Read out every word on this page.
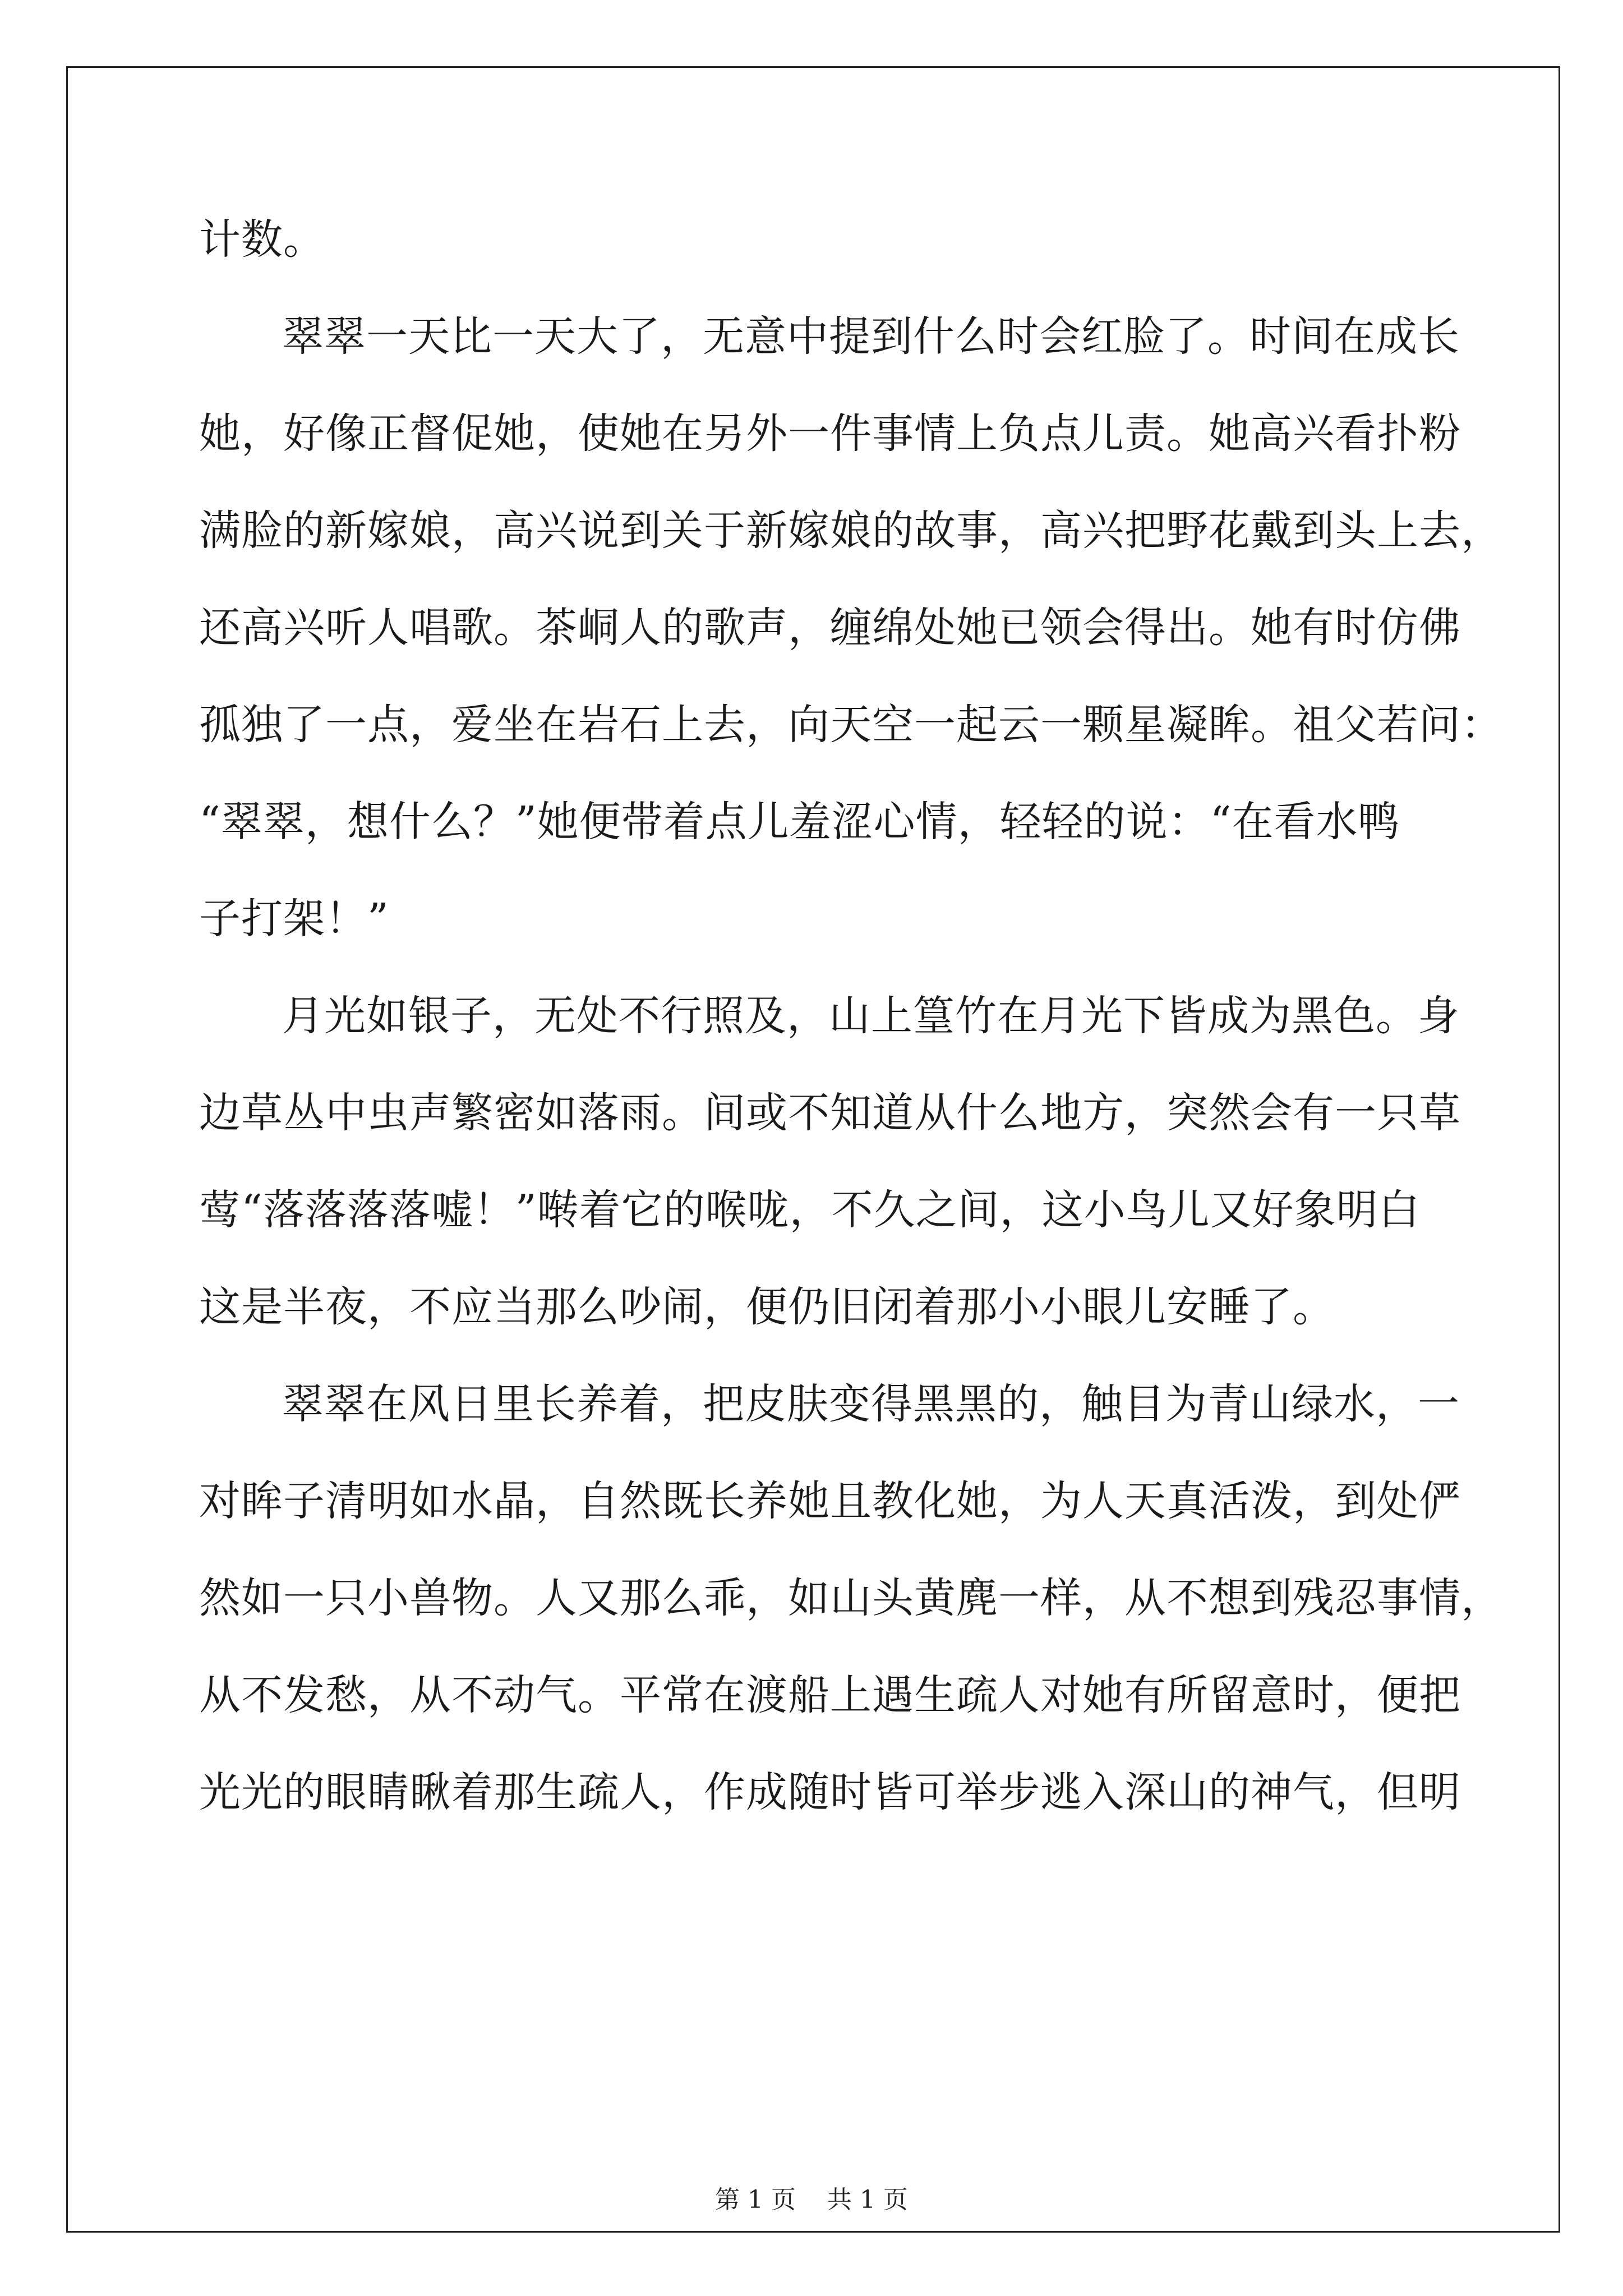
计数。
翠翠一天比一天大了，无意中提到什么时会红脸了。时间在成长
她，好像正督促她，使她在另外一件事情上负点儿责。她高兴看扑粉
满脸的新嫁娘，高兴说到关于新嫁娘的故事，高兴把野花戴到头上去，
还高兴听人唱歌。茶峒人的歌声，缠绵处她已领会得出。她有时仿佛
孤独了一点，爱坐在岩石上去，向天空一起云一颗星凝眸。祖父若问：
“翠翠，想什么？”她便带着点儿羞涩心情，轻轻的说：“在看水鸭
子打架！”
月光如银子，无处不行照及，山上篁竹在月光下皆成为黑色。身
边草丛中虫声繁密如落雨。间或不知道从什么地方，突然会有一只草
莺“落落落落嘘！”啭着它的喉咙，不久之间，这小鸟儿又好象明白
这是半夜，不应当那么吵闹，便仍旧闭着那小小眼儿安睡了。
翠翠在风日里长养着，把皮肤变得黑黑的，触目为青山绿水，一
对眸子清明如水晶，自然既长养她且教化她，为人天真活泼，到处俨
然如一只小兽物。人又那么乖，如山头黄麂一样，从不想到残忍事情，
从不发愁，从不动气。平常在渡船上遇生疏人对她有所留意时，便把
光光的眼睛瞅着那生疏人，作成随时皆可举步逃入深山的神气，但明
第 1 页    共 1 页
